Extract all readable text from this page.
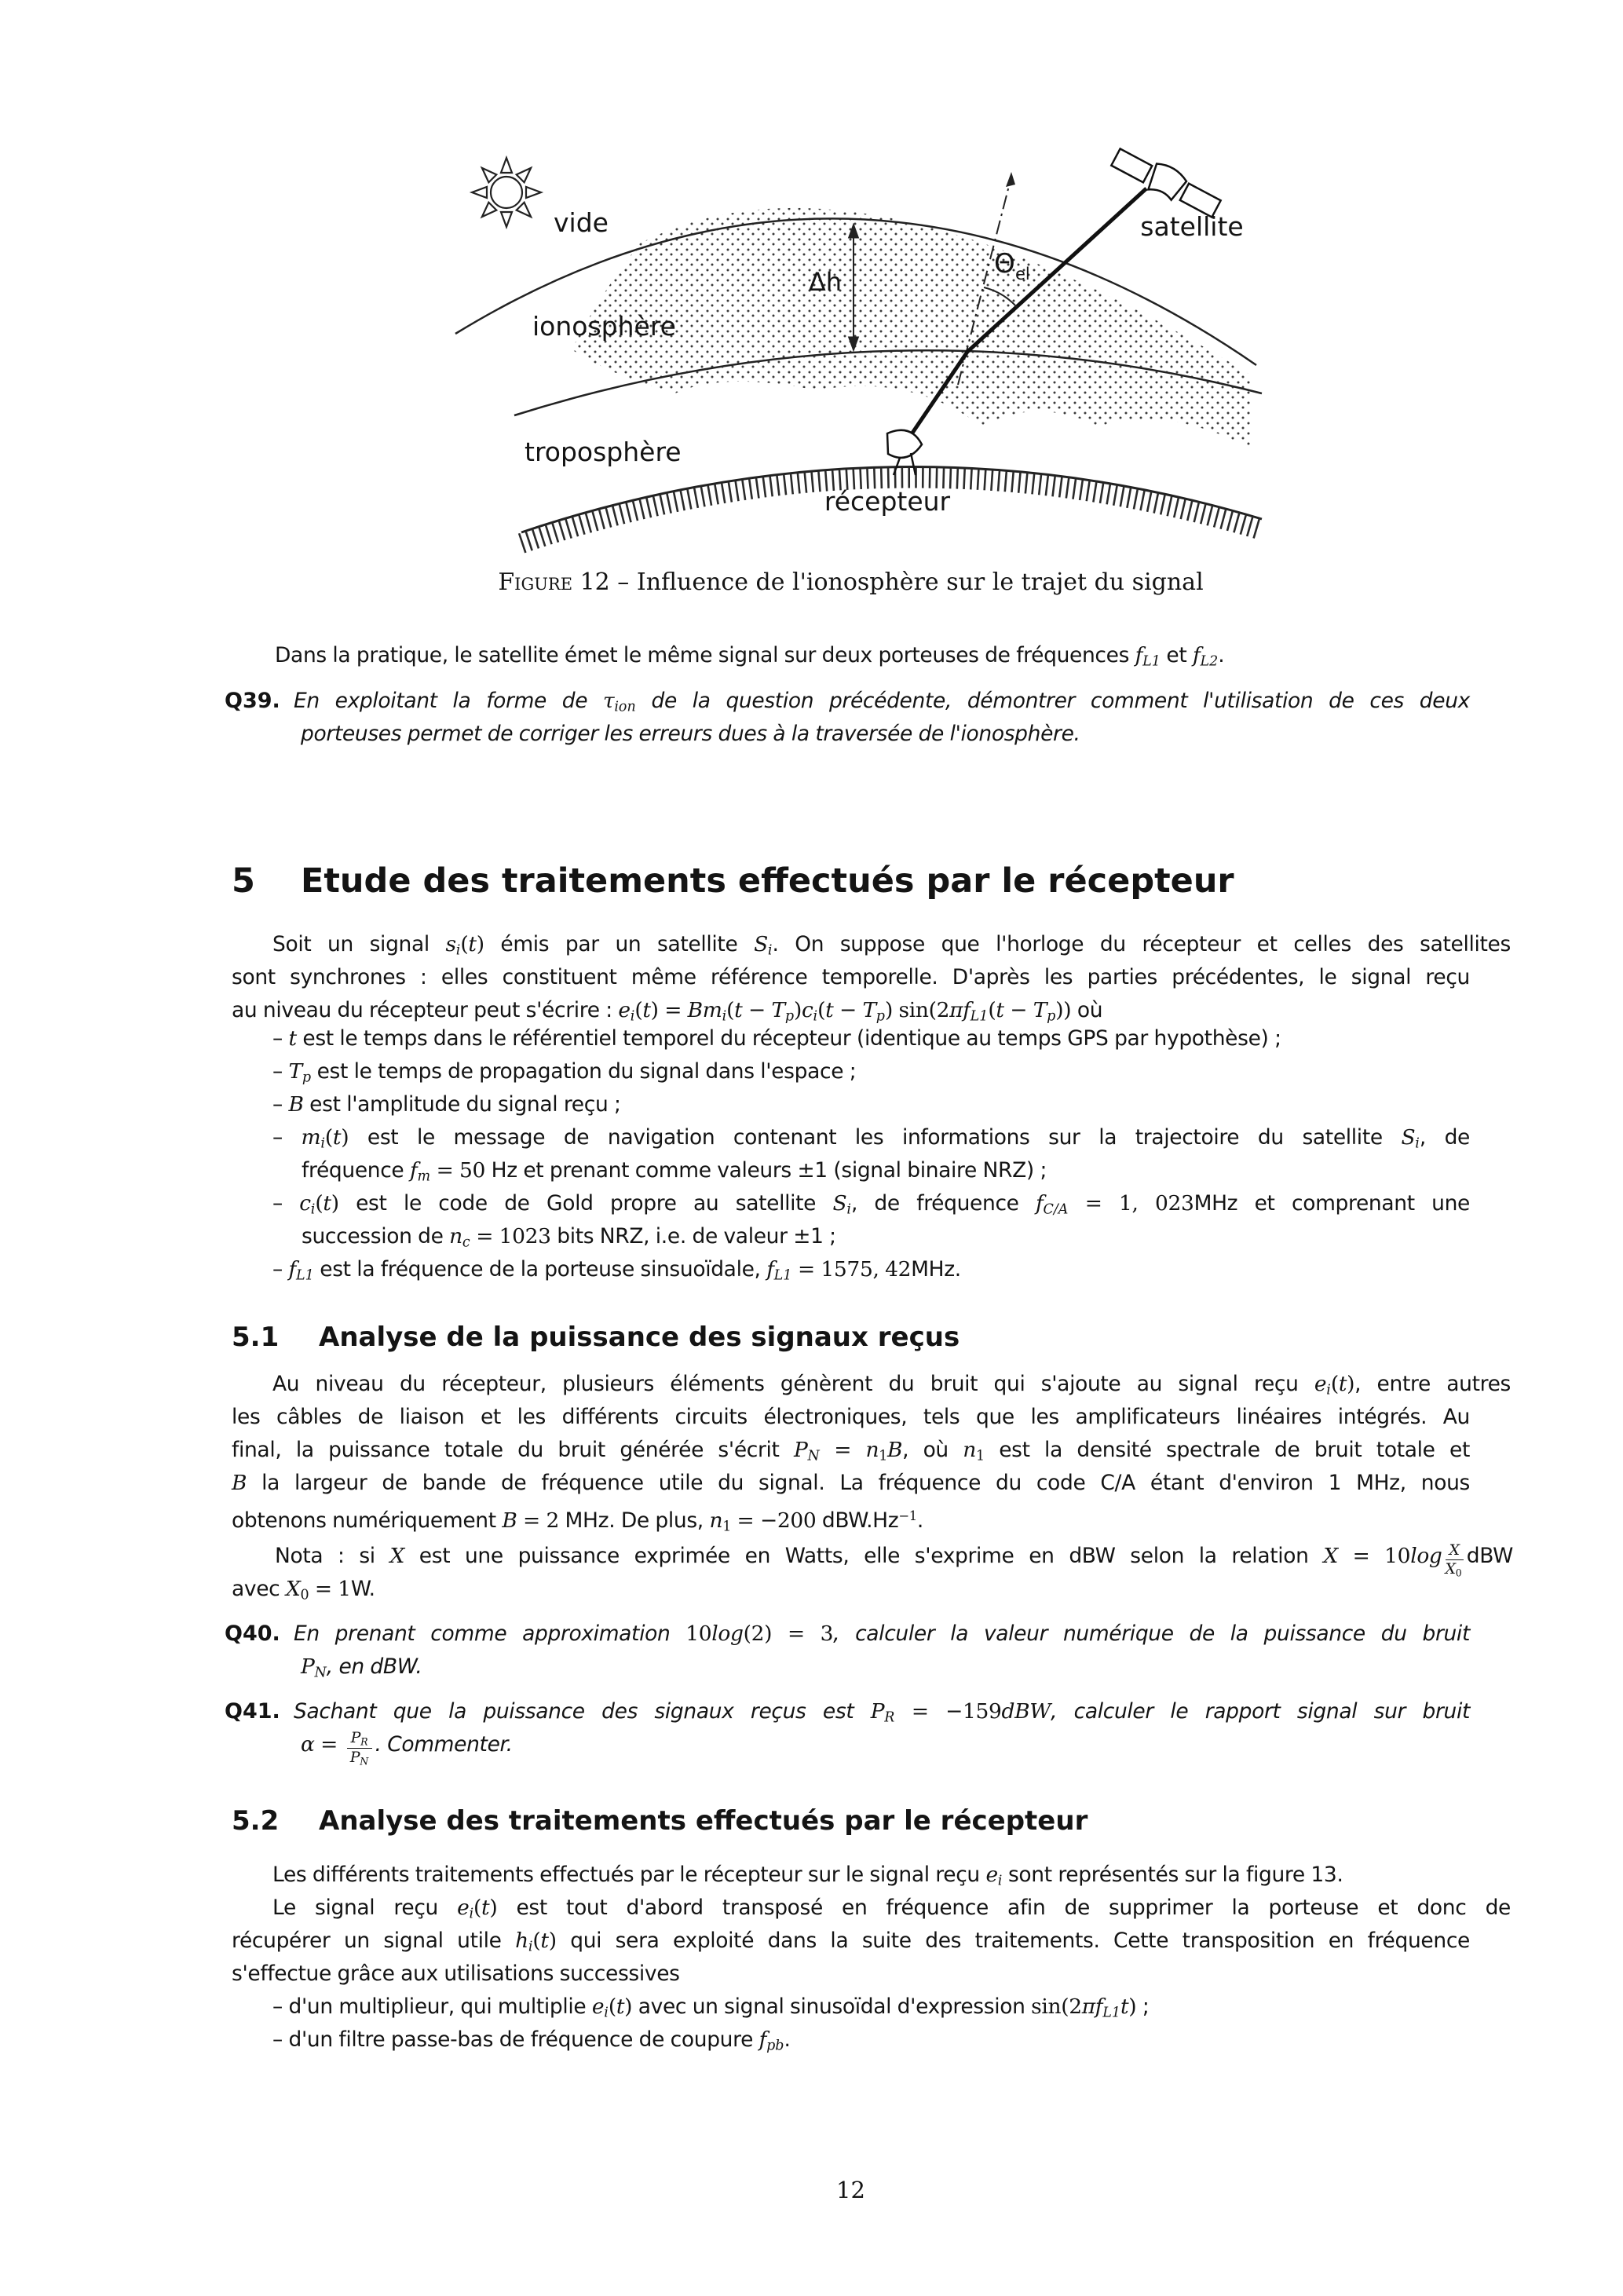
vide
ionosphère
troposphère
récepteur
satellite
Δh
Θ el
Figure 12 – Influence de l'ionosphère sur le trajet du signal
Dans la pratique, le satellite émet le même signal sur deux porteuses de fréquences fL1 et fL2.
Q39. En exploitant la forme de τion de la question précédente, démontrer comment l'utilisation de ces deux
porteuses permet de corriger les erreurs dues à la traversée de l'ionosphère.
5 Etude des traitements effectués par le récepteur
Soit un signal si(t) émis par un satellite Si. On suppose que l'horloge du récepteur et celles des satellites
sont synchrones : elles constituent même référence temporelle. D'après les parties précédentes, le signal reçu
au niveau du récepteur peut s'écrire : ei(t) = Bmi(t − Tp)ci(t − Tp) sin(2πfL1(t − Tp)) où
– t est le temps dans le référentiel temporel du récepteur (identique au temps GPS par hypothèse) ;
– Tp est le temps de propagation du signal dans l'espace ;
– B est l'amplitude du signal reçu ;
– mi(t) est le message de navigation contenant les informations sur la trajectoire du satellite Si, de
fréquence fm = 50 Hz et prenant comme valeurs ±1 (signal binaire NRZ) ;
– ci(t) est le code de Gold propre au satellite Si, de fréquence fC/A = 1, 023MHz et comprenant une
succession de nc = 1023 bits NRZ, i.e. de valeur ±1 ;
– fL1 est la fréquence de la porteuse sinsuoïdale, fL1 = 1575, 42MHz.
5.1 Analyse de la puissance des signaux reçus
Au niveau du récepteur, plusieurs éléments génèrent du bruit qui s'ajoute au signal reçu ei(t), entre autres
les câbles de liaison et les différents circuits électroniques, tels que les amplificateurs linéaires intégrés. Au
final, la puissance totale du bruit générée s'écrit PN = n1B, où n1 est la densité spectrale de bruit totale et
B la largeur de bande de fréquence utile du signal. La fréquence du code C/A étant d'environ 1 MHz, nous
obtenons numériquement B = 2 MHz. De plus, n1 = −200 $dBW.Hz^{-1}$.
Nota : si X est une puissance exprimée en Watts, elle s'exprime en dBW selon la relation $X = 10\log \frac{X}{X0}$ dBW
avec X0 = 1W.
Q40. En prenant comme approximation 10log(2) = 3, calculer la valeur numérique de la puissance du bruit
PN, en dBW.
Q41. Sachant que la puissance des signaux reçus est PR = −159dBW, calculer le rapport signal sur bruit
$\alpha = \frac{PR}{PN}$ . Commenter.
5.2 Analyse des traitements effectués par le récepteur
Les différents traitements effectués par le récepteur sur le signal reçu ei sont représentés sur la figure 13.
Le signal reçu ei(t) est tout d'abord transposé en fréquence afin de supprimer la porteuse et donc de
récupérer un signal utile hi(t) qui sera exploité dans la suite des traitements. Cette transposition en fréquence
s'effectue grâce aux utilisations successives
– d'un multiplieur, qui multiplie ei(t) avec un signal sinusoïdal d'expression sin(2πfL1t) ;
– d'un filtre passe-bas de fréquence de coupure fpb.
12
